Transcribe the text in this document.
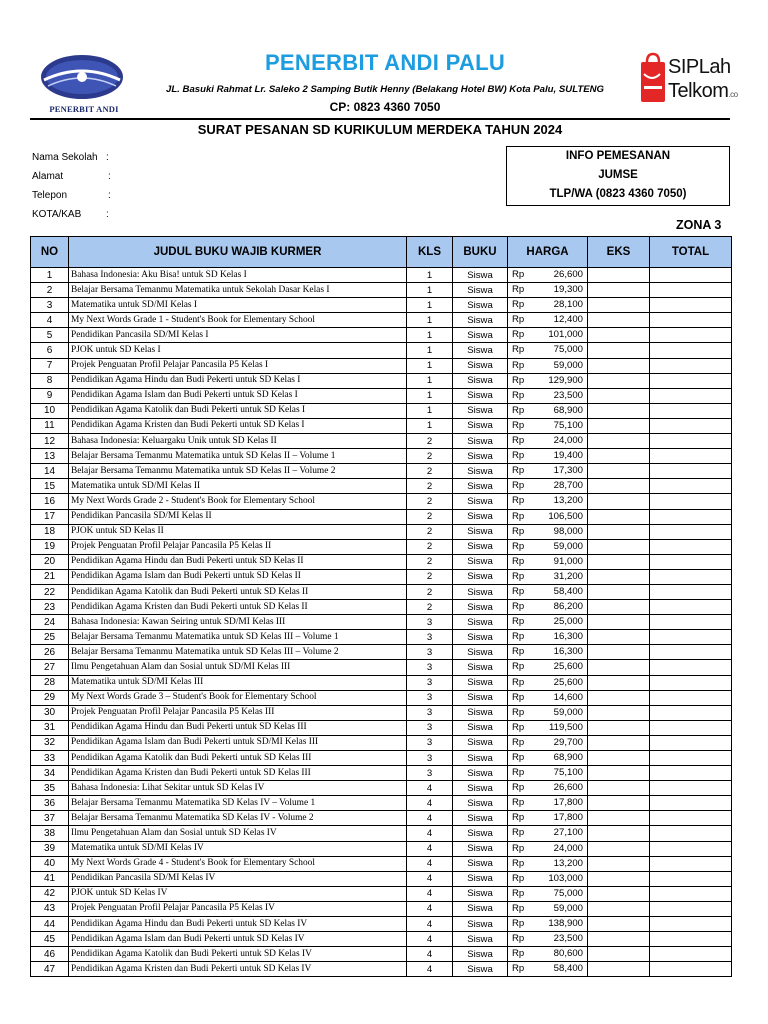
PENERBIT ANDI
PENERBIT ANDI PALU
JL. Basuki Rahmat Lr. Saleko 2 Samping Butik Henny (Belakang Hotel BW) Kota Palu, SULTENG
CP: 0823 4360 7050
SIPLah
Telkom.co
SURAT PESANAN SD KURIKULUM MERDEKA TAHUN 2024
Nama Sekolah :
Alamat	:
Telepon	:
KOTA/KAB	:
INFO PEMESANAN
JUMSE
TLP/WA (0823 4360 7050)
ZONA 3
NO	JUDUL BUKU WAJIB KURMER	KLS	BUKU	HARGA	EKS	TOTAL
1	Bahasa Indonesia: Aku Bisa! untuk SD Kelas I	1	Siswa	Rp 26,600		

2	Belajar Bersama Temanmu Matematika untuk Sekolah Dasar Kelas I	1	Siswa	Rp 19,300		

3	Matematika untuk SD/MI Kelas I	1	Siswa	Rp 28,100		

4	My Next Words Grade 1 - Student's Book for Elementary School	1	Siswa	Rp 12,400		

5	Pendidikan Pancasila SD/MI Kelas I	1	Siswa	Rp 101,000		

6	PJOK untuk SD Kelas I	1	Siswa	Rp 75,000		

7	Projek Penguatan Profil Pelajar Pancasila P5 Kelas I	1	Siswa	Rp 59,000		

8	Pendidikan Agama Hindu dan Budi Pekerti untuk SD Kelas I	1	Siswa	Rp 129,900		

9	Pendidikan Agama Islam dan Budi Pekerti untuk SD Kelas I	1	Siswa	Rp 23,500		

10	Pendidikan Agama Katolik dan Budi Pekerti untuk SD Kelas I	1	Siswa	Rp 68,900		

11	Pendidikan Agama Kristen dan Budi Pekerti untuk SD Kelas I	1	Siswa	Rp 75,100		

12	Bahasa Indonesia: Keluargaku Unik untuk SD Kelas II	2	Siswa	Rp 24,000		

13	Belajar Bersama Temanmu Matematika untuk SD Kelas II – Volume 1	2	Siswa	Rp 19,400		

14	Belajar Bersama Temanmu Matematika untuk SD Kelas II – Volume 2	2	Siswa	Rp 17,300		

15	Matematika untuk SD/MI Kelas II	2	Siswa	Rp 28,700		

16	My Next Words Grade 2 - Student's Book for Elementary School	2	Siswa	Rp 13,200		

17	Pendidikan Pancasila SD/MI Kelas II	2	Siswa	Rp 106,500		

18	PJOK untuk SD Kelas II	2	Siswa	Rp 98,000		

19	Projek Penguatan Profil Pelajar Pancasila P5 Kelas II	2	Siswa	Rp 59,000		

20	Pendidikan Agama Hindu dan Budi Pekerti untuk SD Kelas II	2	Siswa	Rp 91,000		

21	Pendidikan Agama Islam dan Budi Pekerti untuk SD Kelas II	2	Siswa	Rp 31,200		

22	Pendidikan Agama Katolik dan Budi Pekerti untuk SD Kelas II	2	Siswa	Rp 58,400		

23	Pendidikan Agama Kristen dan Budi Pekerti untuk SD Kelas II	2	Siswa	Rp 86,200		

24	Bahasa Indonesia: Kawan Seiring untuk SD/MI Kelas III	3	Siswa	Rp 25,000		

25	Belajar Bersama Temanmu Matematika untuk SD Kelas III – Volume 1	3	Siswa	Rp 16,300		

26	Belajar Bersama Temanmu Matematika untuk SD Kelas III – Volume 2	3	Siswa	Rp 16,300		

27	Ilmu Pengetahuan Alam dan Sosial untuk SD/MI Kelas III	3	Siswa	Rp 25,600		

28	Matematika untuk SD/MI Kelas III	3	Siswa	Rp 25,600		

29	My Next Words Grade 3 – Student's Book for Elementary School	3	Siswa	Rp 14,600		

30	Projek Penguatan Profil Pelajar Pancasila P5 Kelas III	3	Siswa	Rp 59,000		

31	Pendidikan Agama Hindu dan Budi Pekerti untuk SD Kelas III	3	Siswa	Rp 119,500		

32	Pendidikan Agama Islam dan Budi Pekerti untuk SD/MI Kelas III	3	Siswa	Rp 29,700		

33	Pendidikan Agama Katolik dan Budi Pekerti untuk SD Kelas III	3	Siswa	Rp 68,900		

34	Pendidikan Agama Kristen dan Budi Pekerti untuk SD Kelas III	3	Siswa	Rp 75,100		

35	Bahasa Indonesia: Lihat Sekitar untuk SD Kelas IV	4	Siswa	Rp 26,600		

36	Belajar Bersama Temanmu Matematika SD Kelas IV – Volume 1	4	Siswa	Rp 17,800		

37	Belajar Bersama Temanmu Matematika SD Kelas IV - Volume 2	4	Siswa	Rp 17,800		

38	Ilmu Pengetahuan Alam dan Sosial untuk SD Kelas IV	4	Siswa	Rp 27,100		

39	Matematika untuk SD/MI Kelas IV	4	Siswa	Rp 24,000		

40	My Next Words Grade 4 - Student's Book for Elementary School	4	Siswa	Rp 13,200		

41	Pendidikan Pancasila SD/MI Kelas IV	4	Siswa	Rp 103,000		

42	PJOK untuk SD Kelas IV	4	Siswa	Rp 75,000		

43	Projek Penguatan Profil Pelajar Pancasila P5 Kelas IV	4	Siswa	Rp 59,000		

44	Pendidikan Agama Hindu dan Budi Pekerti untuk SD Kelas IV	4	Siswa	Rp 138,900		

45	Pendidikan Agama Islam dan Budi Pekerti untuk SD Kelas IV	4	Siswa	Rp 23,500		

46	Pendidikan Agama Katolik dan Budi Pekerti untuk SD Kelas IV	4	Siswa	Rp 80,600		

47	Pendidikan Agama Kristen dan Budi Pekerti untuk SD Kelas IV	4	Siswa	Rp 58,400		
